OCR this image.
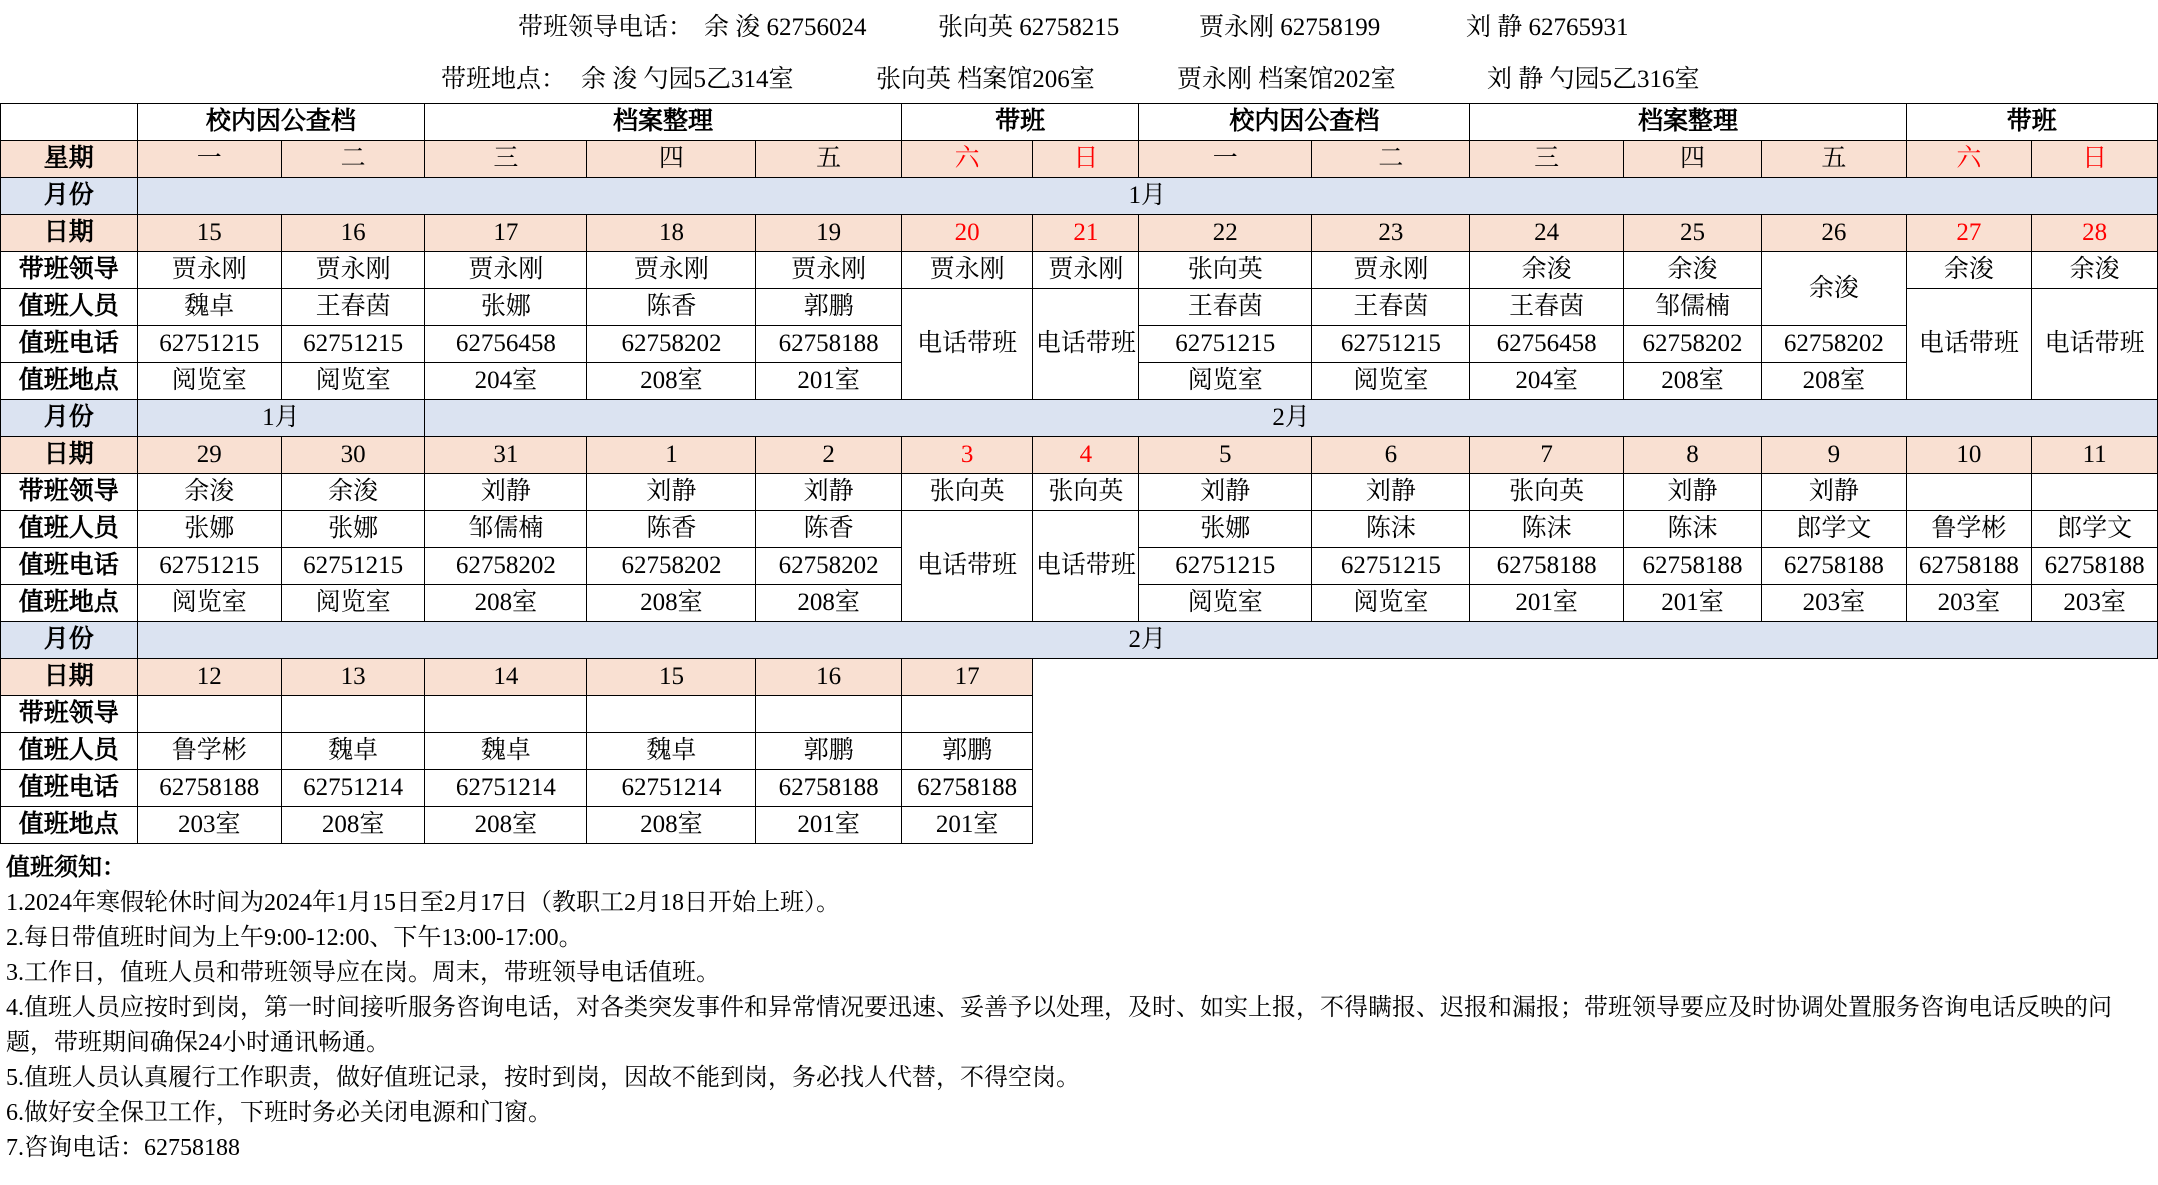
带班领导电话： 余 浚 62756024	张向英 62758215	贾永刚 62758199	刘 静 62765931
带班地点： 余 浚 勺园5乙314室	张向英 档案馆206室	贾永刚 档案馆202室	刘 静 勺园5乙316室
	校内因公查档		档案整理			带班		校内因公查档		档案整理			带班	
星期	一	二	三	四	五	六	日	一	二	三	四	五	六	日
月份	1月													
日期	15	16	17	18	19	20	21	22	23	24	25	26	27	28
带班领导	贾永刚	贾永刚	贾永刚	贾永刚	贾永刚	贾永刚	贾永刚	张向英	贾永刚	余浚	余浚	余浚	余浚	余浚
值班人员	魏卓	王春茵	张娜	陈香	郭鹏	电话带班	电话带班	王春茵	王春茵	王春茵	邹儒楠		电话带班	电话带班
值班电话	62751215	62751215	62756458	62758202	62758188			62751215	62751215	62756458	62758202	62758202		
值班地点	阅览室	阅览室	204室	208室	201室			阅览室	阅览室	204室	208室	208室		
月份	1月		2月											
日期	29	30	31	1	2	3	4	5	6	7	8	9	10	11
带班领导	余浚	余浚	刘静	刘静	刘静	张向英	张向英	刘静	刘静	张向英	刘静	刘静		
值班人员	张娜	张娜	邹儒楠	陈香	陈香	电话带班	电话带班	张娜	陈沫	陈沫	陈沫	郎学文	鲁学彬	郎学文
值班电话	62751215	62751215	62758202	62758202	62758202			62751215	62751215	62758188	62758188	62758188	62758188	62758188
值班地点	阅览室	阅览室	208室	208室	208室			阅览室	阅览室	201室	201室	203室	203室	203室
月份	2月													
日期	12	13	14	15	16	17								
带班领导														
值班人员	鲁学彬	魏卓	魏卓	魏卓	郭鹏	郭鹏								
值班电话	62758188	62751214	62751214	62751214	62758188	62758188								
值班地点	203室	208室	208室	208室	201室	201室								
值班须知：
1.2024年寒假轮休时间为2024年1月15日至2月17日（教职工2月18日开始上班）。
2.每日带值班时间为上午9:00-12:00、下午13:00-17:00。
3.工作日，值班人员和带班领导应在岗。周末，带班领导电话值班。
4.值班人员应按时到岗，第一时间接听服务咨询电话，对各类突发事件和异常情况要迅速、妥善予以处理，及时、如实上报，不得瞒报、迟报和漏报；带班领导要应及时协调处置服务咨询电话反映的问题，带班期间确保24小时通讯畅通。
5.值班人员认真履行工作职责，做好值班记录，按时到岗，因故不能到岗，务必找人代替，不得空岗。
6.做好安全保卫工作，下班时务必关闭电源和门窗。
7.咨询电话：62758188
